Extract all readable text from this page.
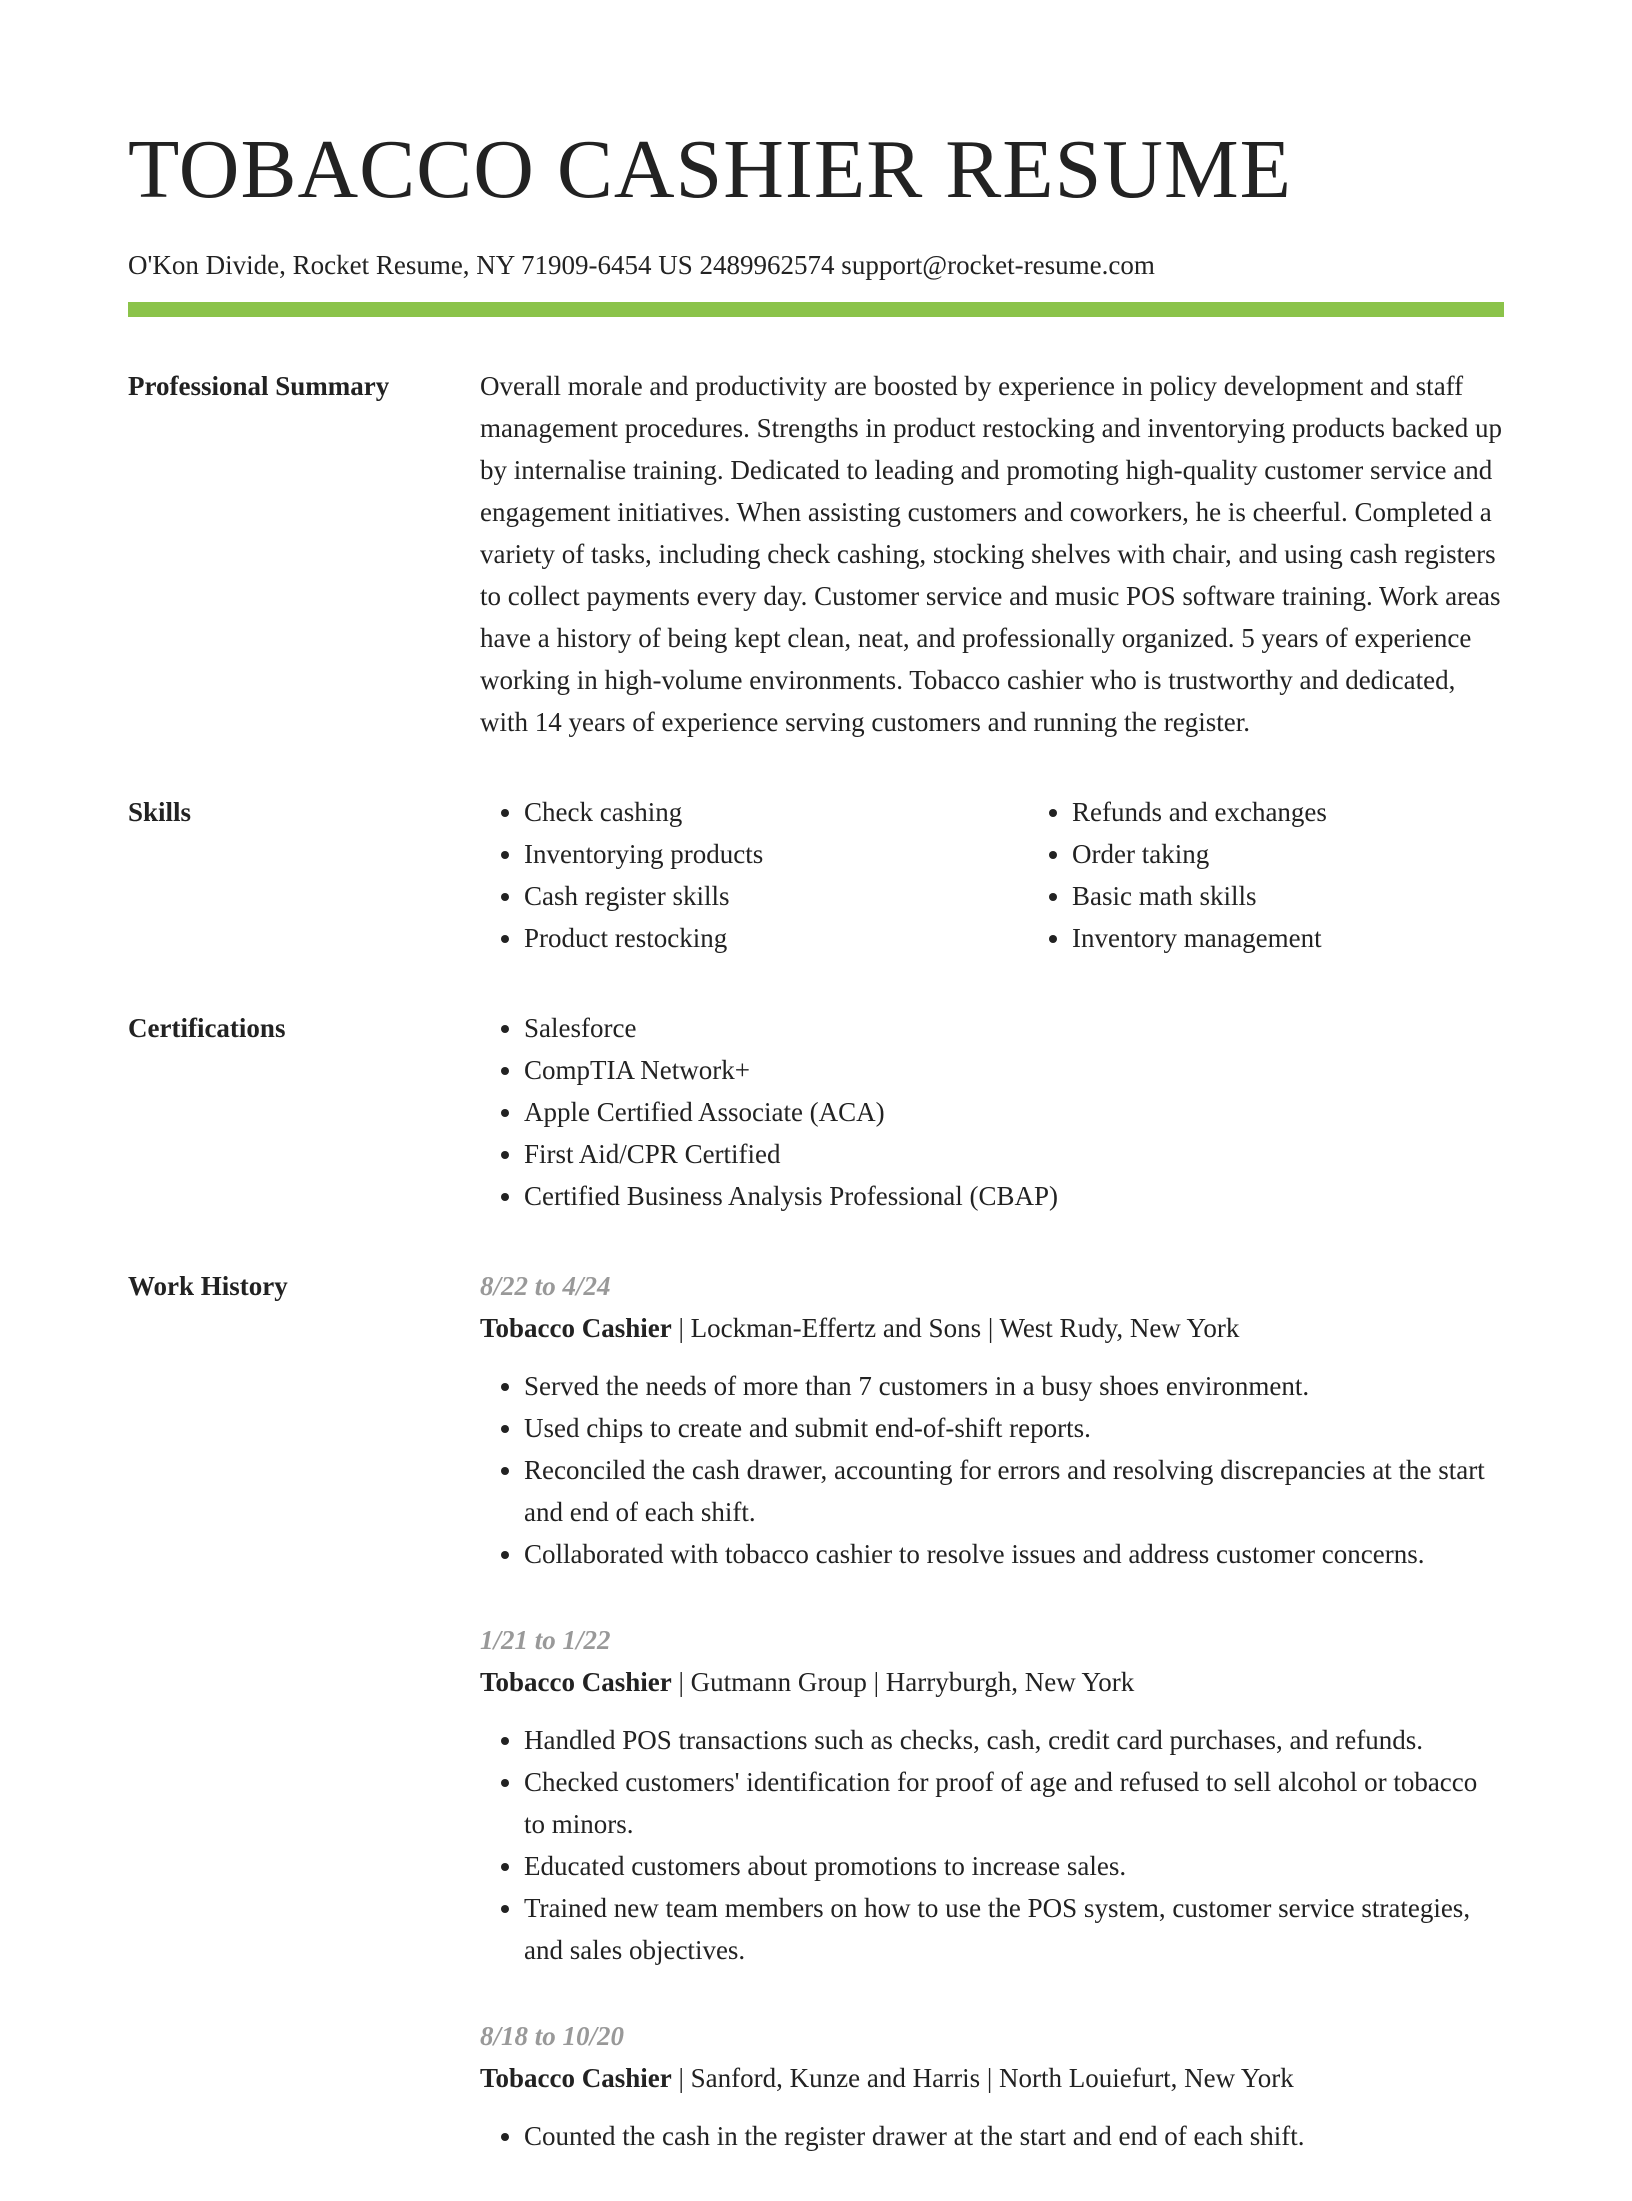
TOBACCO CASHIER RESUME
O'Kon Divide, Rocket Resume, NY 71909-6454 US 2489962574 support@rocket-resume.com
Professional Summary	Overall morale and productivity are boosted by experience in policy development and staff management procedures. Strengths in product restocking and inventorying products backed up by internalise training. Dedicated to leading and promoting high-quality customer service and engagement initiatives. When assisting customers and coworkers, he is cheerful. Completed a variety of tasks, including check cashing, stocking shelves with chair, and using cash registers to collect payments every day. Customer service and music POS software training. Work areas have a history of being kept clean, neat, and professionally organized. 5 years of experience working in high-volume environments. Tobacco cashier who is trustworthy and dedicated, with 14 years of experience serving customers and running the register.

Skills	• Check cashing
• Inventorying products
• Cash register skills
• Product restocking
• Refunds and exchanges
• Order taking
• Basic math skills
• Inventory management
Certifications	• Salesforce
• CompTIA Network+
• Apple Certified Associate (ACA)
• First Aid/CPR Certified
• Certified Business Analysis Professional (CBAP)
Work History	8/22 to 4/24
Tobacco Cashier | Lockman-Effertz and Sons | West Rudy, New York
• Served the needs of more than 7 customers in a busy shoes environment.
• Used chips to create and submit end-of-shift reports.
• Reconciled the cash drawer, accounting for errors and resolving discrepancies at the start and end of each shift.
• Collaborated with tobacco cashier to resolve issues and address customer concerns.
1/21 to 1/22
Tobacco Cashier | Gutmann Group | Harryburgh, New York
• Handled POS transactions such as checks, cash, credit card purchases, and refunds.
• Checked customers' identification for proof of age and refused to sell alcohol or tobacco to minors.
• Educated customers about promotions to increase sales.
• Trained new team members on how to use the POS system, customer service strategies, and sales objectives.
8/18 to 10/20
Tobacco Cashier | Sanford, Kunze and Harris | North Louiefurt, New York
• Counted the cash in the register drawer at the start and end of each shift.
